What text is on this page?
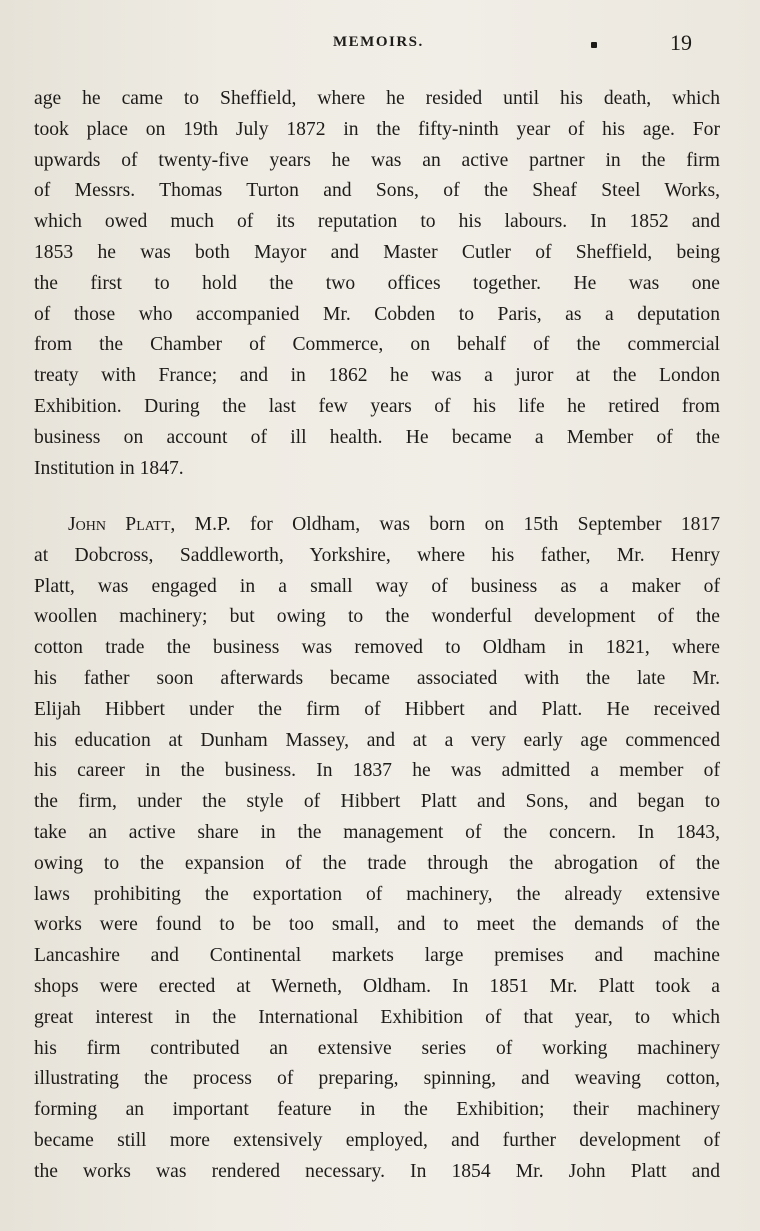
MEMOIRS.	19
age he came to Sheffield, where he resided until his death, which
took place on 19th July 1872 in the fifty-ninth year of his age. For
upwards of twenty-five years he was an active partner in the firm
of Messrs. Thomas Turton and Sons, of the Sheaf Steel Works,
which owed much of its reputation to his labours. In 1852 and
1853 he was both Mayor and Master Cutler of Sheffield, being
the first to hold the two offices together. He was one
of those who accompanied Mr. Cobden to Paris, as a deputation
from the Chamber of Commerce, on behalf of the commercial
treaty with France; and in 1862 he was a juror at the London
Exhibition. During the last few years of his life he retired from
business on account of ill health. He became a Member of the
Institution in 1847.
John Platt, M.P. for Oldham, was born on 15th September 1817
at Dobcross, Saddleworth, Yorkshire, where his father, Mr. Henry
Platt, was engaged in a small way of business as a maker of
woollen machinery; but owing to the wonderful development of the
cotton trade the business was removed to Oldham in 1821, where
his father soon afterwards became associated with the late Mr.
Elijah Hibbert under the firm of Hibbert and Platt. He received
his education at Dunham Massey, and at a very early age commenced
his career in the business. In 1837 he was admitted a member of
the firm, under the style of Hibbert Platt and Sons, and began to
take an active share in the management of the concern. In 1843,
owing to the expansion of the trade through the abrogation of the
laws prohibiting the exportation of machinery, the already extensive
works were found to be too small, and to meet the demands of the
Lancashire and Continental markets large premises and machine
shops were erected at Werneth, Oldham. In 1851 Mr. Platt took a
great interest in the International Exhibition of that year, to which
his firm contributed an extensive series of working machinery
illustrating the process of preparing, spinning, and weaving cotton,
forming an important feature in the Exhibition; their machinery
became still more extensively employed, and further development of
the works was rendered necessary. In 1854 Mr. John Platt and
